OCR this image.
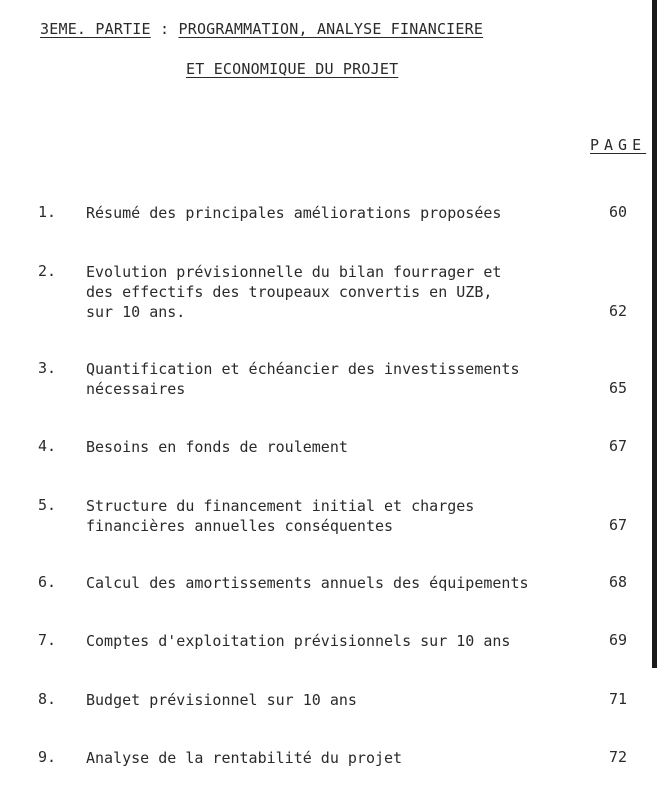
3EME. PARTIE : PROGRAMMATION, ANALYSE FINANCIERE
ET ECONOMIQUE DU PROJET
PAGE
1. Résumé des principales améliorations proposées	60
2. Evolution prévisionnelle du bilan fourrager et
des effectifs des troupeaux convertis en UZB,
sur 10 ans.	62
3. Quantification et échéancier des investissements
nécessaires	65
4. Besoins en fonds de roulement	67
5. Structure du financement initial et charges
financières annuelles conséquentes	67
6. Calcul des amortissements annuels des équipements	68
7. Comptes d'exploitation prévisionnels sur 10 ans	69
8. Budget prévisionnel sur 10 ans	71
9. Analyse de la rentabilité du projet	72
